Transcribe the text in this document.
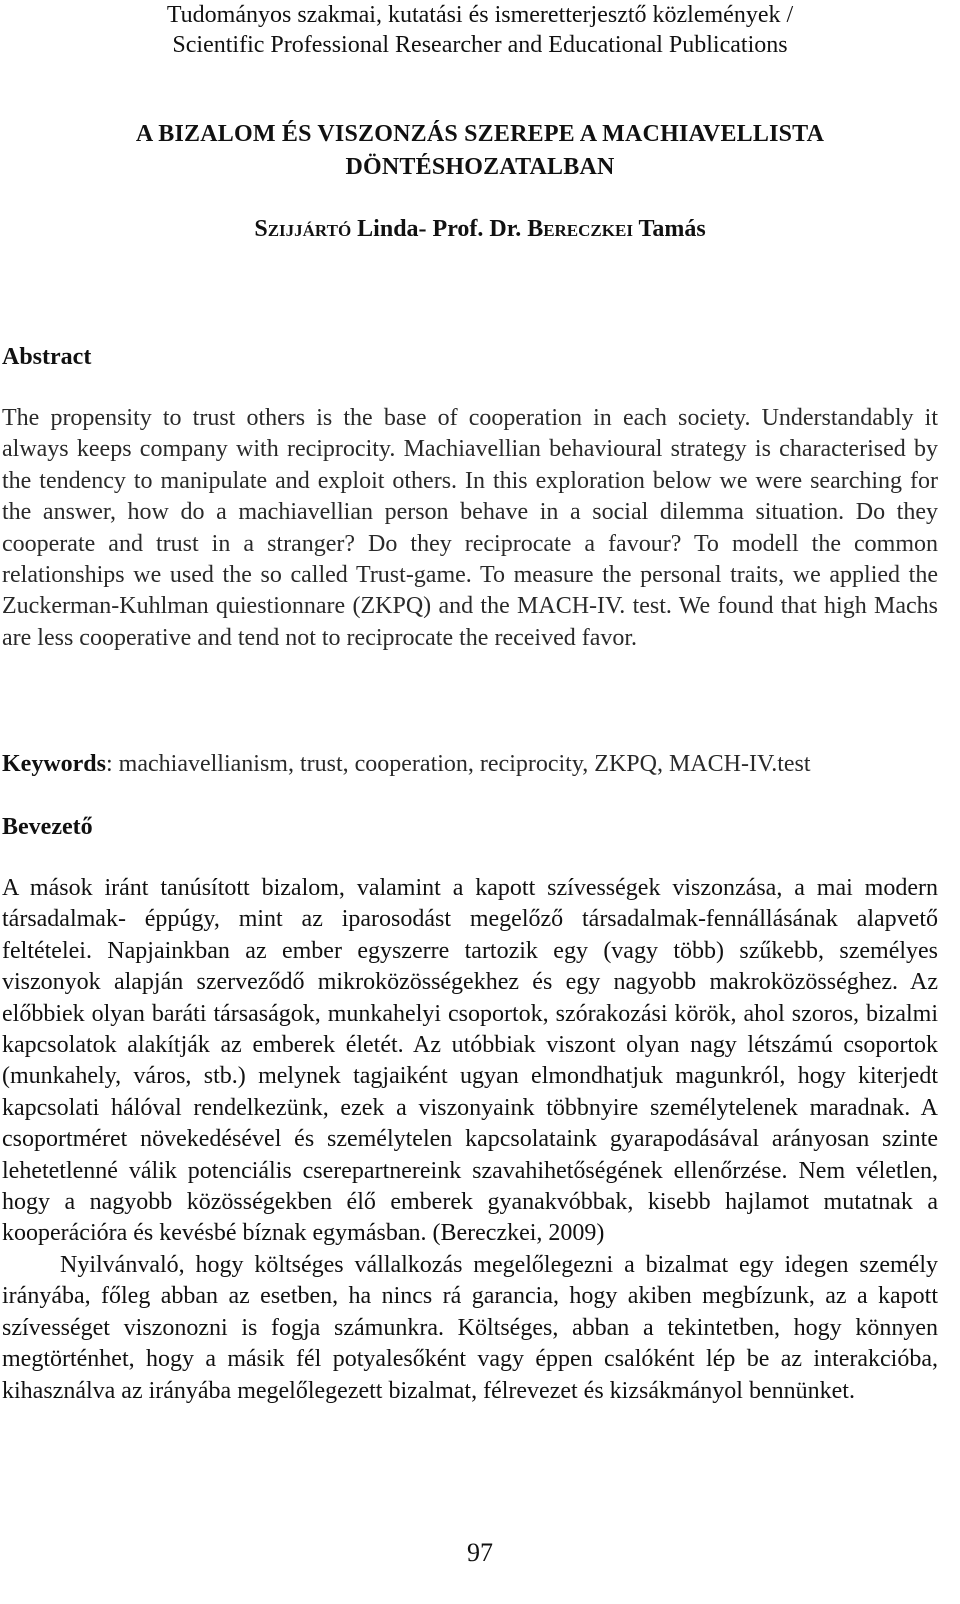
Tudományos szakmai, kutatási és ismeretterjesztő közlemények /
Scientific Professional Researcher and Educational Publications
A BIZALOM ÉS VISZONZÁS SZEREPE A MACHIAVELLISTA
DÖNTÉSHOZATALBAN
Szijjártó Linda- Prof. Dr. Bereczkei Tamás
Abstract
The propensity to trust others is the base of cooperation in each society. Understandably it always keeps company with reciprocity. Machiavellian behavioural strategy is characterised by the tendency to manipulate and exploit others. In this exploration below we were searching for the answer, how do a machiavellian person behave in a social dilemma situation. Do they cooperate and trust in a stranger? Do they reciprocate a favour? To modell the common relationships we used the so called Trust-game. To measure the personal traits, we applied the Zuckerman-Kuhlman quiestionnare (ZKPQ) and the MACH-IV. test. We found that high Machs are less cooperative and tend not to reciprocate the received favor.
Keywords: machiavellianism, trust, cooperation, reciprocity, ZKPQ, MACH-IV.test
Bevezető

A mások iránt tanúsított bizalom, valamint a kapott szívességek viszonzása, a mai modern társadalmak- éppúgy, mint az iparosodást megelőző társadalmak-fennállásának alapvető feltételei. Napjainkban az ember egyszerre tartozik egy (vagy több) szűkebb, személyes viszonyok alapján szerveződő mikroközösségekhez és egy nagyobb makroközösséghez. Az előbbiek olyan baráti társaságok, munkahelyi csoportok, szórakozási körök, ahol szoros, bizalmi kapcsolatok alakítják az emberek életét. Az utóbbiak viszont olyan nagy létszámú csoportok (munkahely, város, stb.) melynek tagjaiként ugyan elmondhatjuk magunkról, hogy kiterjedt kapcsolati hálóval rendelkezünk, ezek a viszonyaink többnyire személytelenek maradnak. A csoportméret növekedésével és személytelen kapcsolataink gyarapodásával arányosan szinte lehetetlenné válik potenciális cserepartnereink szavahihetőségének ellenőrzése. Nem véletlen, hogy a nagyobb közösségekben élő emberek gyanakvóbbak, kisebb hajlamot mutatnak a kooperációra és kevésbé bíznak egymásban. (Bereczkei, 2009)

Nyilvánvaló, hogy költséges vállalkozás megelőlegezni a bizalmat egy idegen személy irányába, főleg abban az esetben, ha nincs rá garancia, hogy akiben megbízunk, az a kapott szívességet viszonozni is fogja számunkra. Költséges, abban a tekintetben, hogy könnyen megtörténhet, hogy a másik fél potyalesőként vagy éppen csalóként lép be az interakcióba, kihasználva az irányába megelőlegezett bizalmat, félrevezet és kizsákmányol bennünket.

97
